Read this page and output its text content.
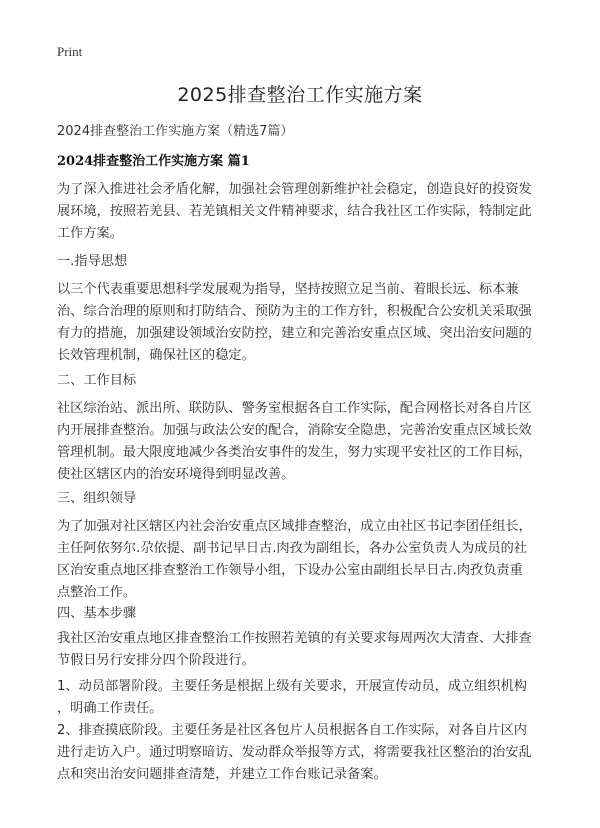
Print
2025排查整治工作实施方案
2024排查整治工作实施方案（精选7篇）
2024排查整治工作实施方案 篇1

为了深入推进社会矛盾化解，加强社会管理创新维护社会稳定，创造良好的投资发
展环境，按照若羌县、若羌镇相关文件精神要求，结合我社区工作实际，特制定此
工作方案。

一.指导思想

以三个代表重要思想科学发展观为指导，坚持按照立足当前、着眼长远、标本兼
治、综合治理的原则和打防结合、预防为主的工作方针，积极配合公安机关采取强
有力的措施，加强建设领域治安防控，建立和完善治安重点区域、突出治安问题的
长效管理机制，确保社区的稳定。

二、工作目标

社区综治站、派出所、联防队、警务室根据各自工作实际，配合网格长对各自片区
内开展排查整治。加强与政法公安的配合，消除安全隐患，完善治安重点区域长效
管理机制。最大限度地减少各类治安事件的发生，努力实现平安社区的工作目标，
使社区辖区内的治安环境得到明显改善。

三、组织领导

为了加强对社区辖区内社会治安重点区域排查整治，成立由社区书记李团任组长，
主任阿依努尔.尕依提、副书记早日古.肉孜为副组长，各办公室负责人为成员的社
区治安重点地区排查整治工作领导小组，下设办公室由副组长早日古.肉孜负责重
点整治工作。

四、基本步骤

我社区治安重点地区排查整治工作按照若羌镇的有关要求每周两次大清查、大排查
节假日另行安排分四个阶段进行。

1、动员部署阶段。主要任务是根据上级有关要求，开展宣传动员，成立组织机构
，明确工作责任。

2、排查摸底阶段。主要任务是社区各包片人员根据各自工作实际，对各自片区内
进行走访入户。通过明察暗访、发动群众举报等方式，将需要我社区整治的治安乱
点和突出治安问题排查清楚，并建立工作台账记录备案。
